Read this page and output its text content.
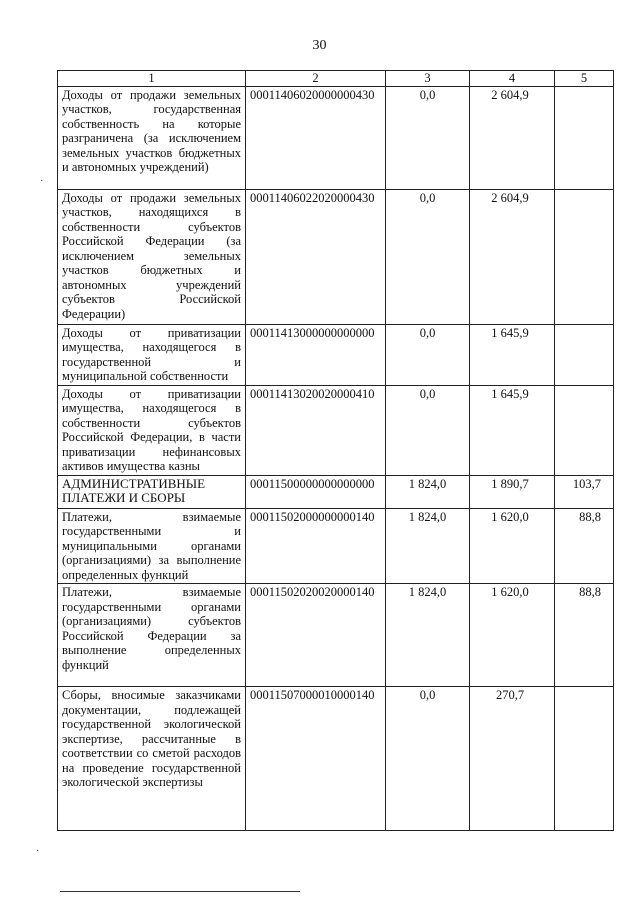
30
1	2	3	4	5
Доходы от продажи земельных участков, государственная собственность на которые разграничена (за исключением земельных участков бюджетных и автономных учреждений)	00011406020000000430	0,0	2 604,9	
Доходы от продажи земельных участков, находящихся в собственности субъектов Российской Федерации (за исключением земельных участков бюджетных и автономных учреждений субъектов Российской Федерации)	00011406022020000430	0,0	2 604,9	
Доходы от приватизации имущества, находящегося в государственной и муниципальной собственности	00011413000000000000	0,0	1 645,9	
Доходы от приватизации имущества, находящегося в собственности субъектов Российской Федерации, в части приватизации нефинансовых активов имущества казны	00011413020020000410	0,0	1 645,9	
АДМИНИСТРАТИВНЫЕ ПЛАТЕЖИ И СБОРЫ	00011500000000000000	1 824,0	1 890,7	103,7
Платежи, взимаемые государственными и муниципальными органами (организациями) за выполнение определенных функций	00011502000000000140	1 824,0	1 620,0	88,8
Платежи, взимаемые государственными органами (организациями) субъектов Российской Федерации за выполнение определенных функций	00011502020020000140	1 824,0	1 620,0	88,8
Сборы, вносимые заказчиками документации, подлежащей государственной экологической экспертизе, рассчитанные в соответствии со сметой расходов на проведение государственной экологической экспертизы	00011507000010000140	0,0	270,7	
·
·
